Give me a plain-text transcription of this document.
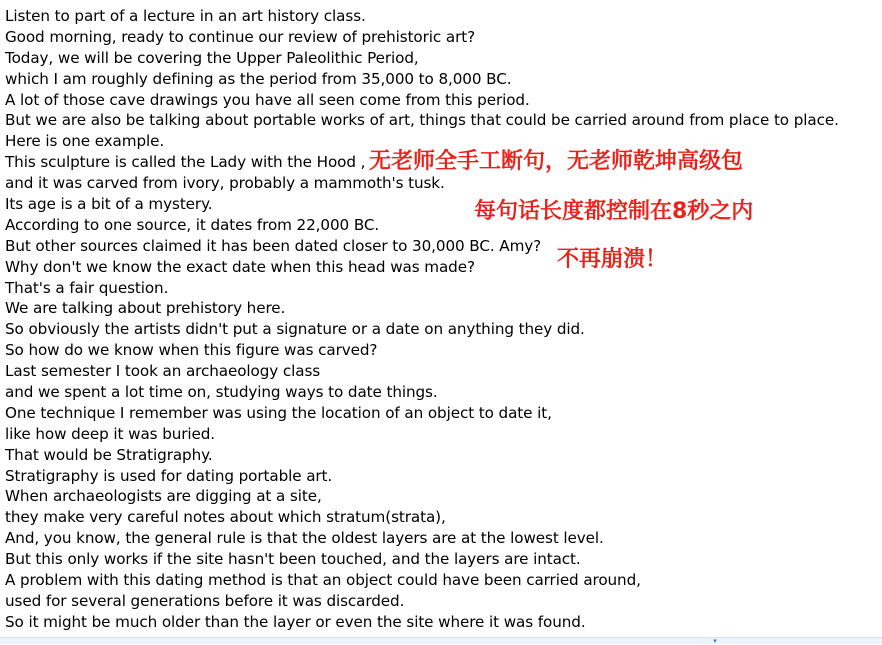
Listen to part of a lecture in an art history class.
Good morning, ready to continue our review of prehistoric art?
Today, we will be covering the Upper Paleolithic Period,
which I am roughly defining as the period from 35,000 to 8,000 BC.
A lot of those cave drawings you have all seen come from this period.
But we are also be talking about portable works of art, things that could be carried around from place to place.
Here is one example.
This sculpture is called the Lady with the Hood ,
and it was carved from ivory, probably a mammoth's tusk.
Its age is a bit of a mystery.
According to one source, it dates from 22,000 BC.
But other sources claimed it has been dated closer to 30,000 BC. Amy?
Why don't we know the exact date when this head was made?
That's a fair question.
We are talking about prehistory here.
So obviously the artists didn't put a signature or a date on anything they did.
So how do we know when this figure was carved?
Last semester I took an archaeology class
and we spent a lot time on, studying ways to date things.
One technique I remember was using the location of an object to date it,
like how deep it was buried.
That would be Stratigraphy.
Stratigraphy is used for dating portable art.
When archaeologists are digging at a site,
they make very careful notes about which stratum(strata),
And, you know, the general rule is that the oldest layers are at the lowest level.
But this only works if the site hasn't been touched, and the layers are intact.
A problem with this dating method is that an object could have been carried around,
used for several generations before it was discarded.
So it might be much older than the layer or even the site where it was found.
无老师全手工断句，无老师乾坤高级包
每句话长度都控制在8秒之内
不再崩溃！
▾
